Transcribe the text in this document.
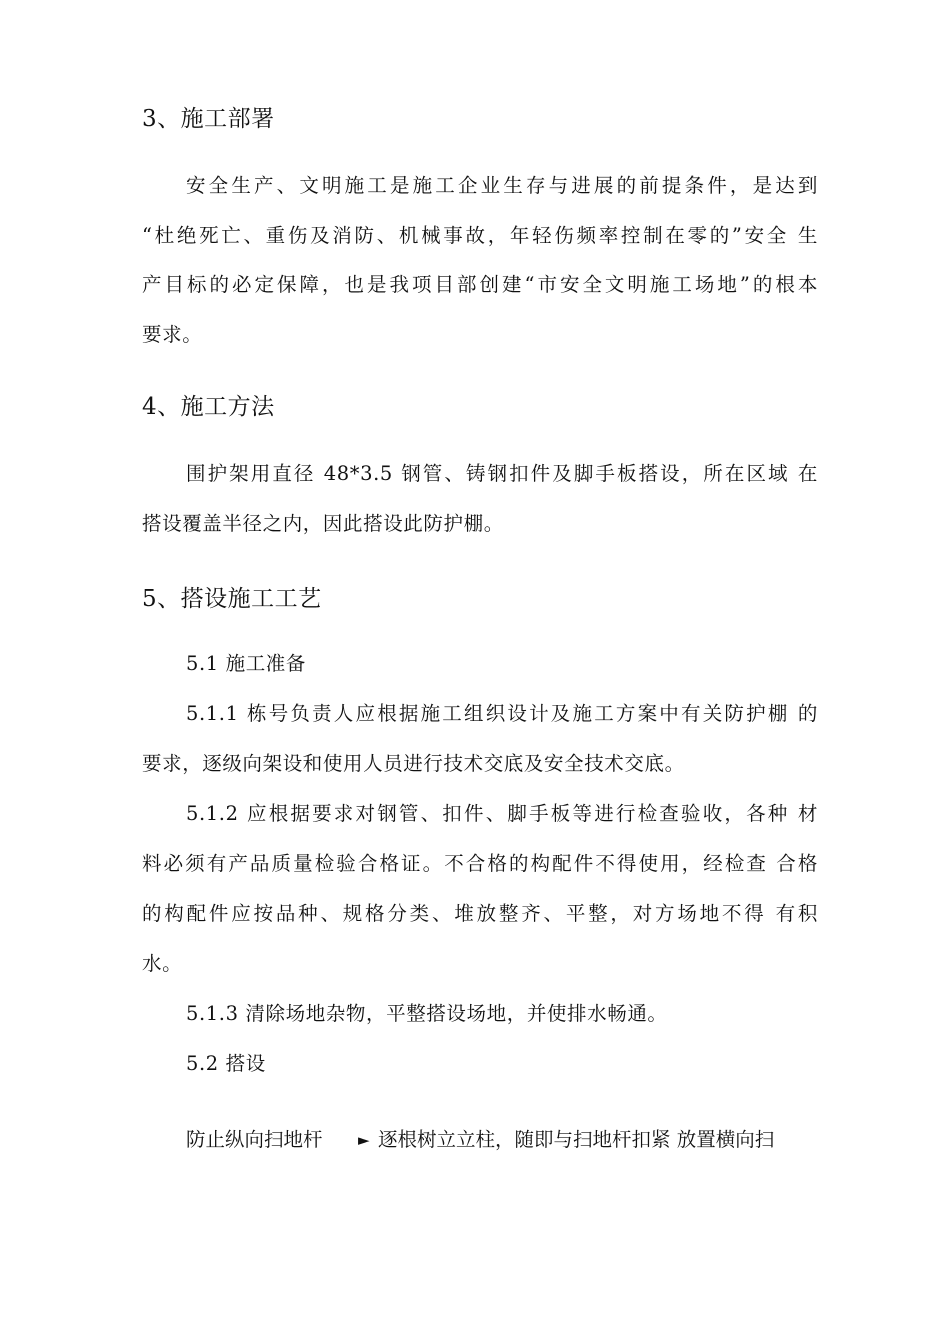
3、施工部署
安全生产、文明施工是施工企业生存与进展的前提条件，是达到
“杜绝死亡、重伤及消防、机械事故，年轻伤频率控制在零的”安全 生
产目标的必定保障，也是我项目部创建“市安全文明施工场地”的根本
要求。
4、施工方法
围护架用直径 48*3.5 钢管、铸钢扣件及脚手板搭设，所在区域 在
搭设覆盖半径之内，因此搭设此防护棚。
5、搭设施工工艺
5.1 施工准备
5.1.1 栋号负责人应根据施工组织设计及施工方案中有关防护棚 的
要求，逐级向架设和使用人员进行技术交底及安全技术交底。
5.1.2 应根据要求对钢管、扣件、脚手板等进行检查验收，各种 材
料必须有产品质量检验合格证。不合格的构配件不得使用，经检查 合格
的构配件应按品种、规格分类、堆放整齐、平整，对方场地不得 有积
水。
5.1.3 清除场地杂物，平整搭设场地，并使排水畅通。
5.2 搭设
防止纵向扫地杆 ► 逐根树立立柱，随即与扫地杆扣紧 放置横向扫
